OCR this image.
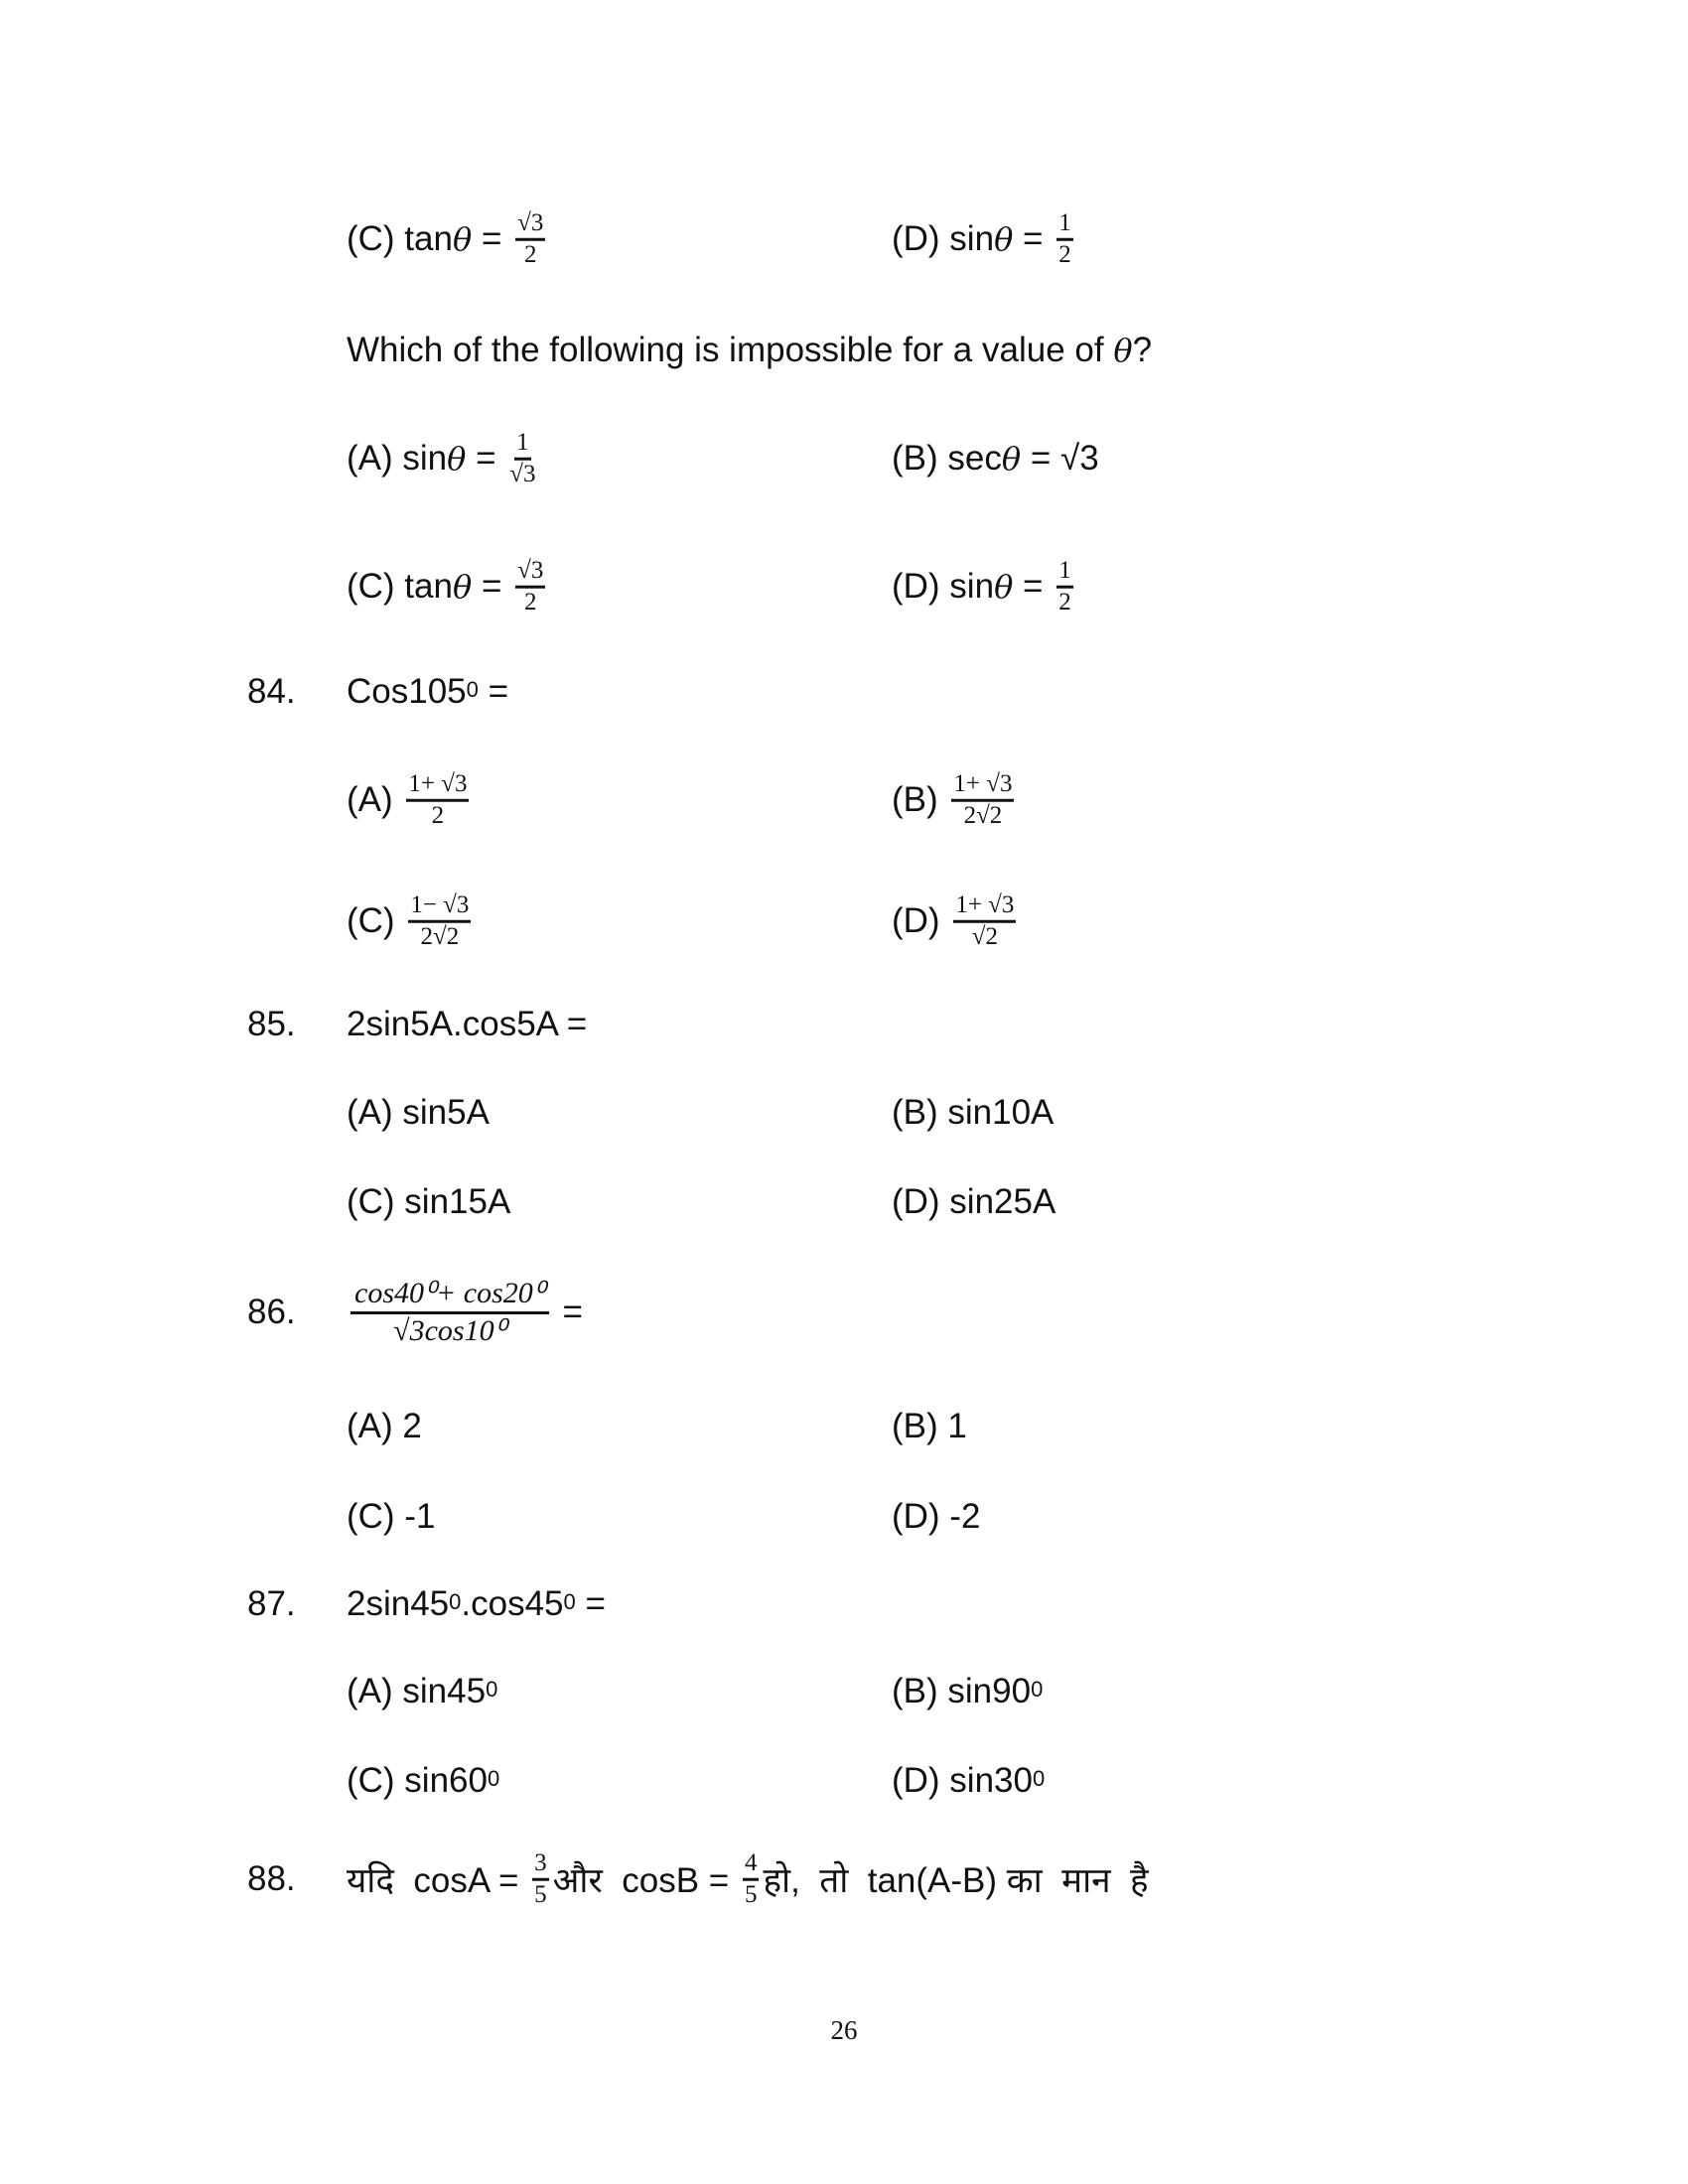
(C) $\tan \theta = \frac{√3}{2}$	(D) $\sin \theta = \frac{1}{2}$
Which of the following is impossible for a value of θ ?
(A) $\sin \theta = \frac{1}{√3}$	(B) sec θ = √3
(C) $\tan \theta = \frac{√3}{2}$	(D) $\sin \theta = \frac{1}{2}$
84. $Cos105^0$ =
$(A) \frac{1+ √3}{2}$	$(B) \frac{1+ √3}{2√2}$
$(C) \frac{1- √3}{2√2}$	$(D) \frac{1+ √3}{√2}$
85. 2sin5A.cos5A =
(A) sin5A	(B) sin10A
(C) sin15A	(D) sin25A
86. $\frac{\text{cos40⁰+ cos20⁰}}{\text{√3cos10⁰}}$ =
(A) 2	(B) 1
(C) -1	(D) -2
87. $2\sin 45^0$ $.\cos 45^0$ =
(A) $\sin 45^0$	(B) $\sin 90^0$
(C) $\sin 60^0$	(D) $\sin 30^0$
88. यदि  $\cos A = \frac{3}{5}$ और  $\cos B = \frac{4}{5}$ हो,  तो  tan(A-B) का  मान  है
26
